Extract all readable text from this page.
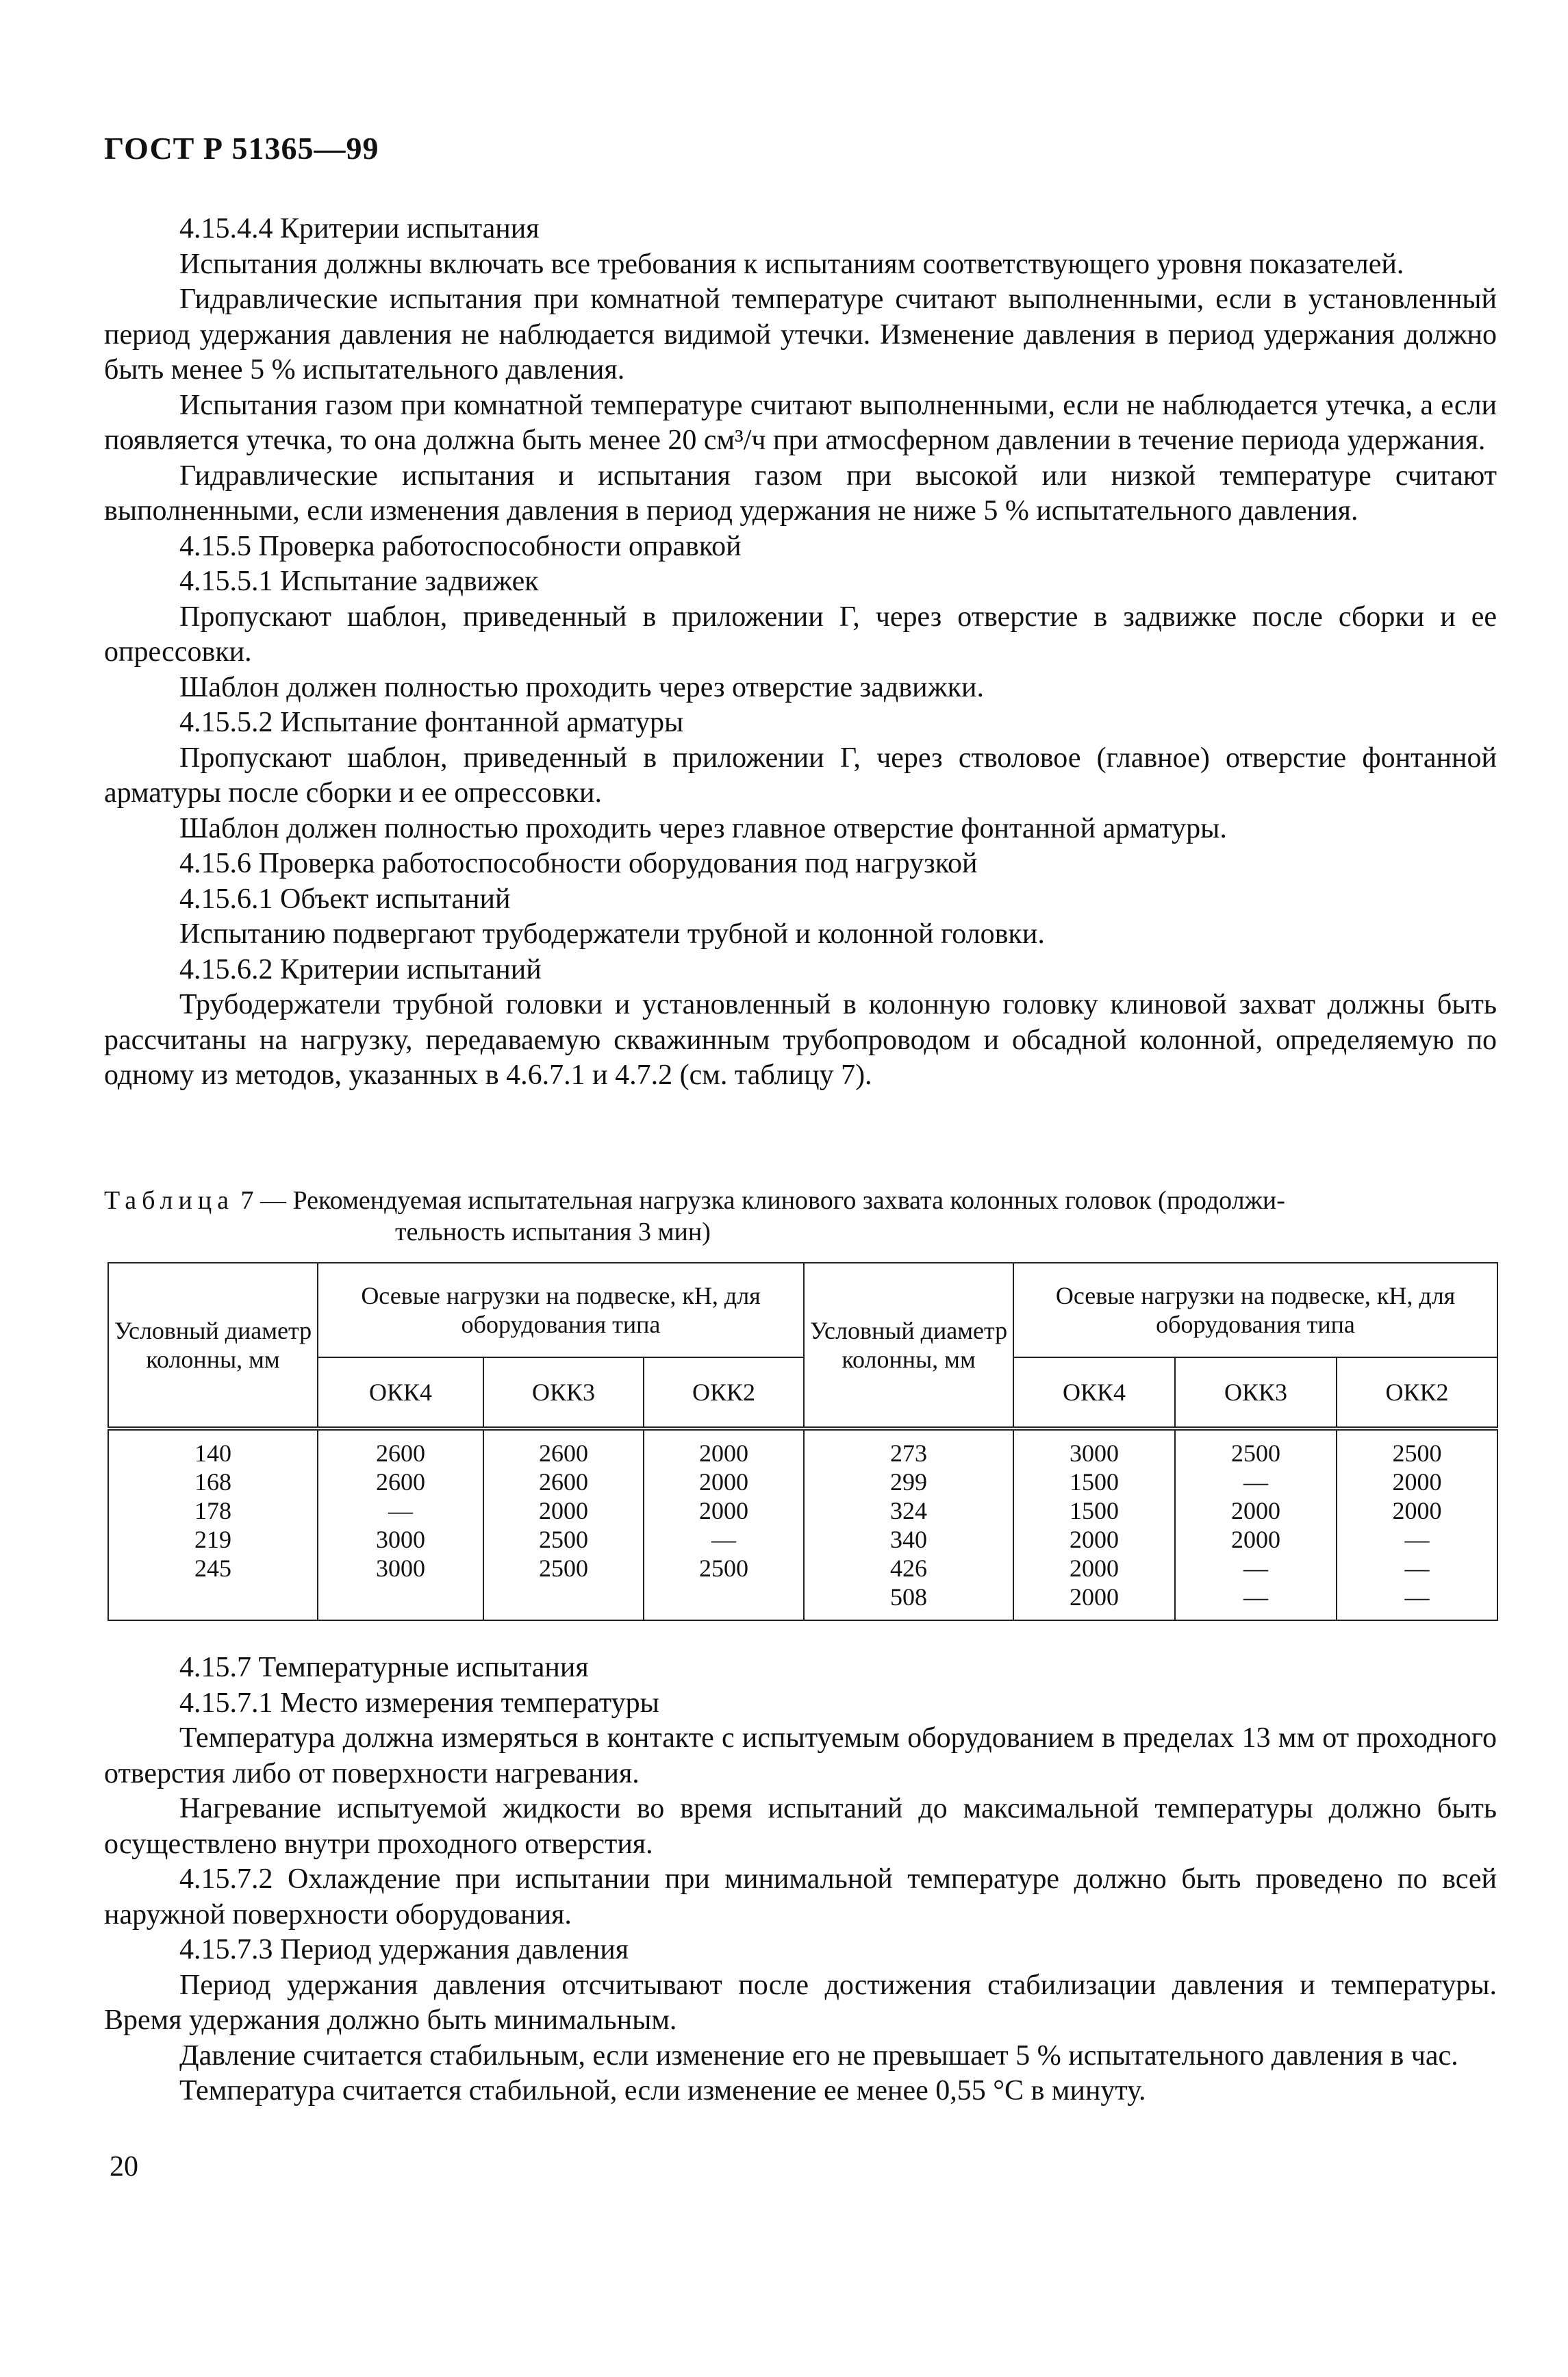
ГОСТ Р 51365—99

4.15.4.4 Критерии испытания

Испытания должны включать все требования к испытаниям соответствующего уровня показателей.

Гидравлические испытания при комнатной температуре считают выполненными, если в установленный период удержания давления не наблюдается видимой утечки. Изменение давления в период удержания должно быть менее 5 % испытательного давления.

Испытания газом при комнатной температуре считают выполненными, если не наблюдается утечка, а если появляется утечка, то она должна быть менее 20 см³/ч при атмосферном давлении в течение периода удержания.

Гидравлические испытания и испытания газом при высокой или низкой температуре считают выполненными, если изменения давления в период удержания не ниже 5 % испытательного давления.

4.15.5 Проверка работоспособности оправкой

4.15.5.1 Испытание задвижек

Пропускают шаблон, приведенный в приложении Г, через отверстие в задвижке после сборки и ее опрессовки.

Шаблон должен полностью проходить через отверстие задвижки.

4.15.5.2 Испытание фонтанной арматуры

Пропускают шаблон, приведенный в приложении Г, через стволовое (главное) отверстие фонтанной арматуры после сборки и ее опрессовки.

Шаблон должен полностью проходить через главное отверстие фонтанной арматуры.

4.15.6 Проверка работоспособности оборудования под нагрузкой

4.15.6.1 Объект испытаний

Испытанию подвергают трубодержатели трубной и колонной головки.

4.15.6.2 Критерии испытаний

Трубодержатели трубной головки и установленный в колонную головку клиновой захват должны быть рассчитаны на нагрузку, передаваемую скважинным трубопроводом и обсадной колонной, определяемую по одному из методов, указанных в 4.6.7.1 и 4.7.2 (см. таблицу 7).

Таблица 7 — Рекомендуемая испытательная нагрузка клинового захвата колонных головок (продолжи-
тельность испытания 3 мин)
Условный диаметр колонны, мм	Осевые нагрузки на подвеске, кН, для оборудования типа			Условный диаметр колонны, мм	Осевые нагрузки на подвеске, кН, для оборудования типа		
	ОКК4	ОКК3	ОКК2		ОКК4	ОКК3	ОКК2
140	2600	2600	2000	273	3000	2500	2500
168	2600	2600	2000	299	1500	—	2000
178	—	2000	2000	324	1500	2000	2000
219	3000	2500	—	340	2000	2000	—
245	3000	2500	2500	426	2000	—	—
				508	2000	—	—

4.15.7 Температурные испытания

4.15.7.1 Место измерения температуры

Температура должна измеряться в контакте с испытуемым оборудованием в пределах 13 мм от проходного отверстия либо от поверхности нагревания.

Нагревание испытуемой жидкости во время испытаний до максимальной температуры должно быть осуществлено внутри проходного отверстия.

4.15.7.2 Охлаждение при испытании при минимальной температуре должно быть проведено по всей наружной поверхности оборудования.

4.15.7.3 Период удержания давления

Период удержания давления отсчитывают после достижения стабилизации давления и температуры. Время удержания должно быть минимальным.

Давление считается стабильным, если изменение его не превышает 5 % испытательного давления в час.

Температура считается стабильной, если изменение ее менее 0,55 °С в минуту.

20
